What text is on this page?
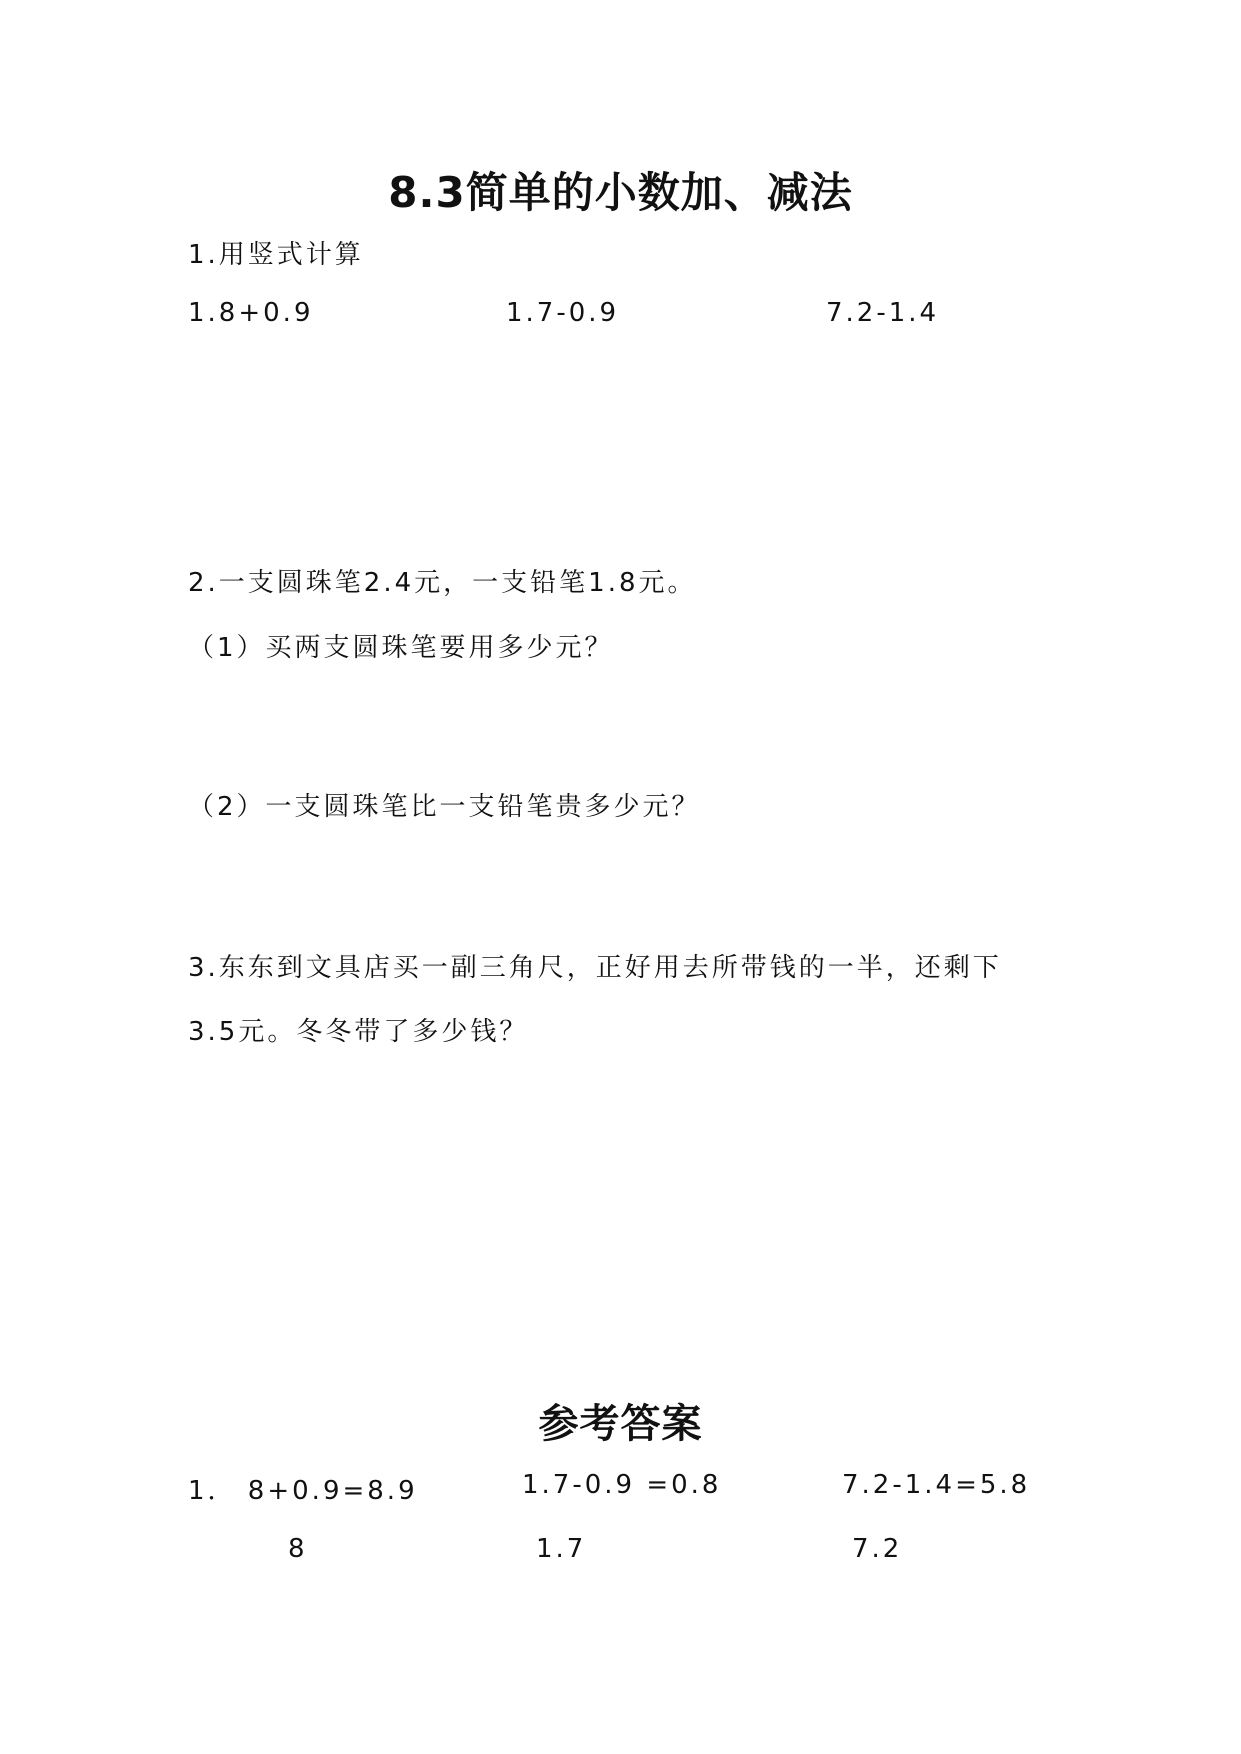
8.3简单的小数加、减法
1.用竖式计算
1.8+0.9	1.7-0.9	7.2-1.4
2.一支圆珠笔2.4元，一支铅笔1.8元。
（1）买两支圆珠笔要用多少元？
（2）一支圆珠笔比一支铅笔贵多少元？
3.东东到文具店买一副三角尺，正好用去所带钱的一半，还剩下
3.5元。冬冬带了多少钱？
参考答案
1． 8+0.9=8.9	1.7-0.9 =0.8	7.2-1.4=5.8
8	1.7	7.2
